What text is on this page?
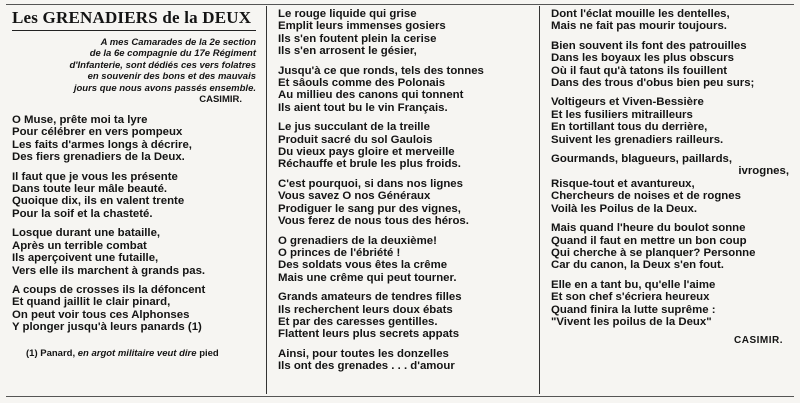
Les GRENADIERS de la DEUX
A mes Camarades de la 2e section
de la 6e compagnie du 17e Régiment
d'Infanterie, sont dédiés ces vers folatres
en souvenir des bons et des mauvais
jours que nous avons passés ensemble.
CASIMIR.
O Muse, prête moi ta lyre
Pour célébrer en vers pompeux
Les faits d'armes longs à décrire,
Des fiers grenadiers de la Deux.
Il faut que je vous les présente
Dans toute leur mâle beauté.
Quoique dix, ils en valent trente
Pour la soif et la chasteté.
Losque durant une bataille,
Après un terrible combat
Ils aperçoivent une futaille,
Vers elle ils marchent à grands pas.
A coups de crosses ils la défoncent
Et quand jaillit le clair pinard,
On peut voir tous ces Alphonses
Y plonger jusqu'à leurs panards (1)
(1) Panard, en argot militaire veut dire pied
Le rouge liquide qui grise
Emplit leurs immenses gosiers
Ils s'en foutent plein la cerise
Ils s'en arrosent le gésier,
Jusqu'à ce que ronds, tels des tonnes
Et sâouls comme des Polonais
Au millieu des canons qui tonnent
Ils aient tout bu le vin Français.
Le jus succulant de la treille
Produit sacré du sol Gaulois
Du vieux pays gloire et merveille
Réchauffe et brule les plus froids.
C'est pourquoi, si dans nos lignes
Vous savez O nos Généraux
Prodiguer le sang pur des vignes,
Vous ferez de nous tous des héros.
O grenadiers de la deuxième!
O princes de l'ébriété !
Des soldats vous êtes la crême
Mais une crême qui peut tourner.
Grands amateurs de tendres filles
Ils recherchent leurs doux ébats
Et par des caresses gentilles.
Flattent leurs plus secrets appats
Ainsi, pour toutes les donzelles
Ils ont des grenades . . . d'amour
Dont l'éclat mouille les dentelles,
Mais ne fait pas mourir toujours.
Bien souvent ils font des patrouilles
Dans les boyaux les plus obscurs
Où il faut qu'à tatons ils fouillent
Dans des trous d'obus bien peu surs;
Voltigeurs et Viven-Bessière
Et les fusiliers mitrailleurs
En tortillant tous du derrière,
Suivent les grenadiers railleurs.
Gourmands, blagueurs, paillards,
ivrognes,
Risque-tout et avantureux,
Chercheurs de noises et de rognes
Voilà les Poilus de la Deux.
Mais quand l'heure du boulot sonne
Quand il faut en mettre un bon coup
Qui cherche à se planquer? Personne
Car du canon, la Deux s'en fout.
Elle en a tant bu, qu'elle l'aime
Et son chef s'écriera heureux
Quand finira la lutte suprême :
"Vivent les poilus de la Deux"
CASIMIR.
